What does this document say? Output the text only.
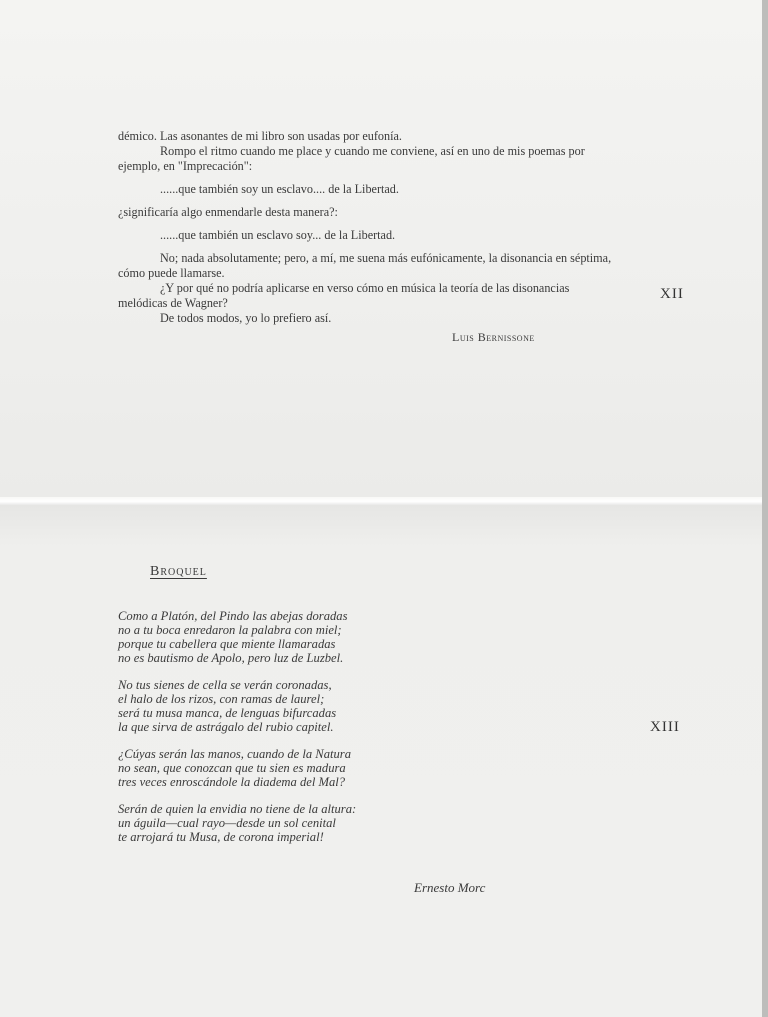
démico. Las asonantes de mi libro son usadas por eufonía.

Rompo el ritmo cuando me place y cuando me conviene, así en uno de mis poemas por ejemplo, en "Imprecación":

......que también soy un esclavo.... de la Libertad.

¿significaría algo enmendarle desta manera?:

......que también un esclavo soy... de la Libertad.

No; nada absolutamente; pero, a mí, me suena más eufónicamente, la disonancia en séptima, cómo puede llamarse.

¿Y por qué no podría aplicarse en verso cómo en música la teoría de las disonancias melódicas de Wagner?

De todos modos, yo lo prefiero así.

Luis Bernissone
XII
Broquel
Como a Platón, del Pindo las abejas doradas
no a tu boca enredaron la palabra con miel;
porque tu cabellera que miente llamaradas
no es bautismo de Apolo, pero luz de Luzbel.
No tus sienes de cella se verán coronadas,
el halo de los rizos, con ramas de laurel;
será tu musa manca, de lenguas bifurcadas
la que sirva de astrágalo del rubio capitel.
¿Cúyas serán las manos, cuando de la Natura
no sean, que conozcan que tu sien es madura
tres veces enroscándole la diadema del Mal?
Serán de quien la envidia no tiene de la altura:
un águila—cual rayo—desde un sol cenital
te arrojará tu Musa, de corona imperial!
Ernesto Morc
XIII
